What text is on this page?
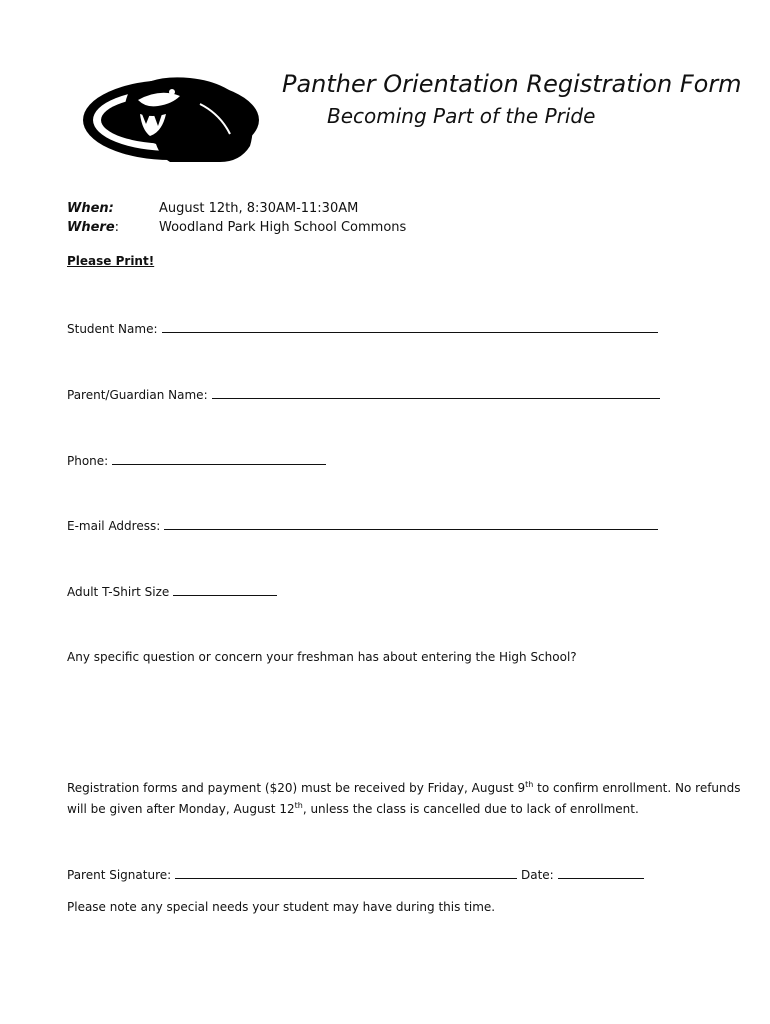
Panther Orientation Registration Form
Becoming Part of the Pride
When:	August 12th, 8:30AM-11:30AM
Where:	Woodland Park High School Commons
Please Print!
Student Name:
Parent/Guardian Name:
Phone:
E-mail Address:
Adult T-Shirt Size
Any specific question or concern your freshman has about entering the High School?
Registration forms and payment ($20) must be received by Friday, August 9th to confirm enrollment. No refunds
will be given after Monday, August 12th, unless the class is cancelled due to lack of enrollment.
Parent Signature:	Date:
Please note any special needs your student may have during this time.
